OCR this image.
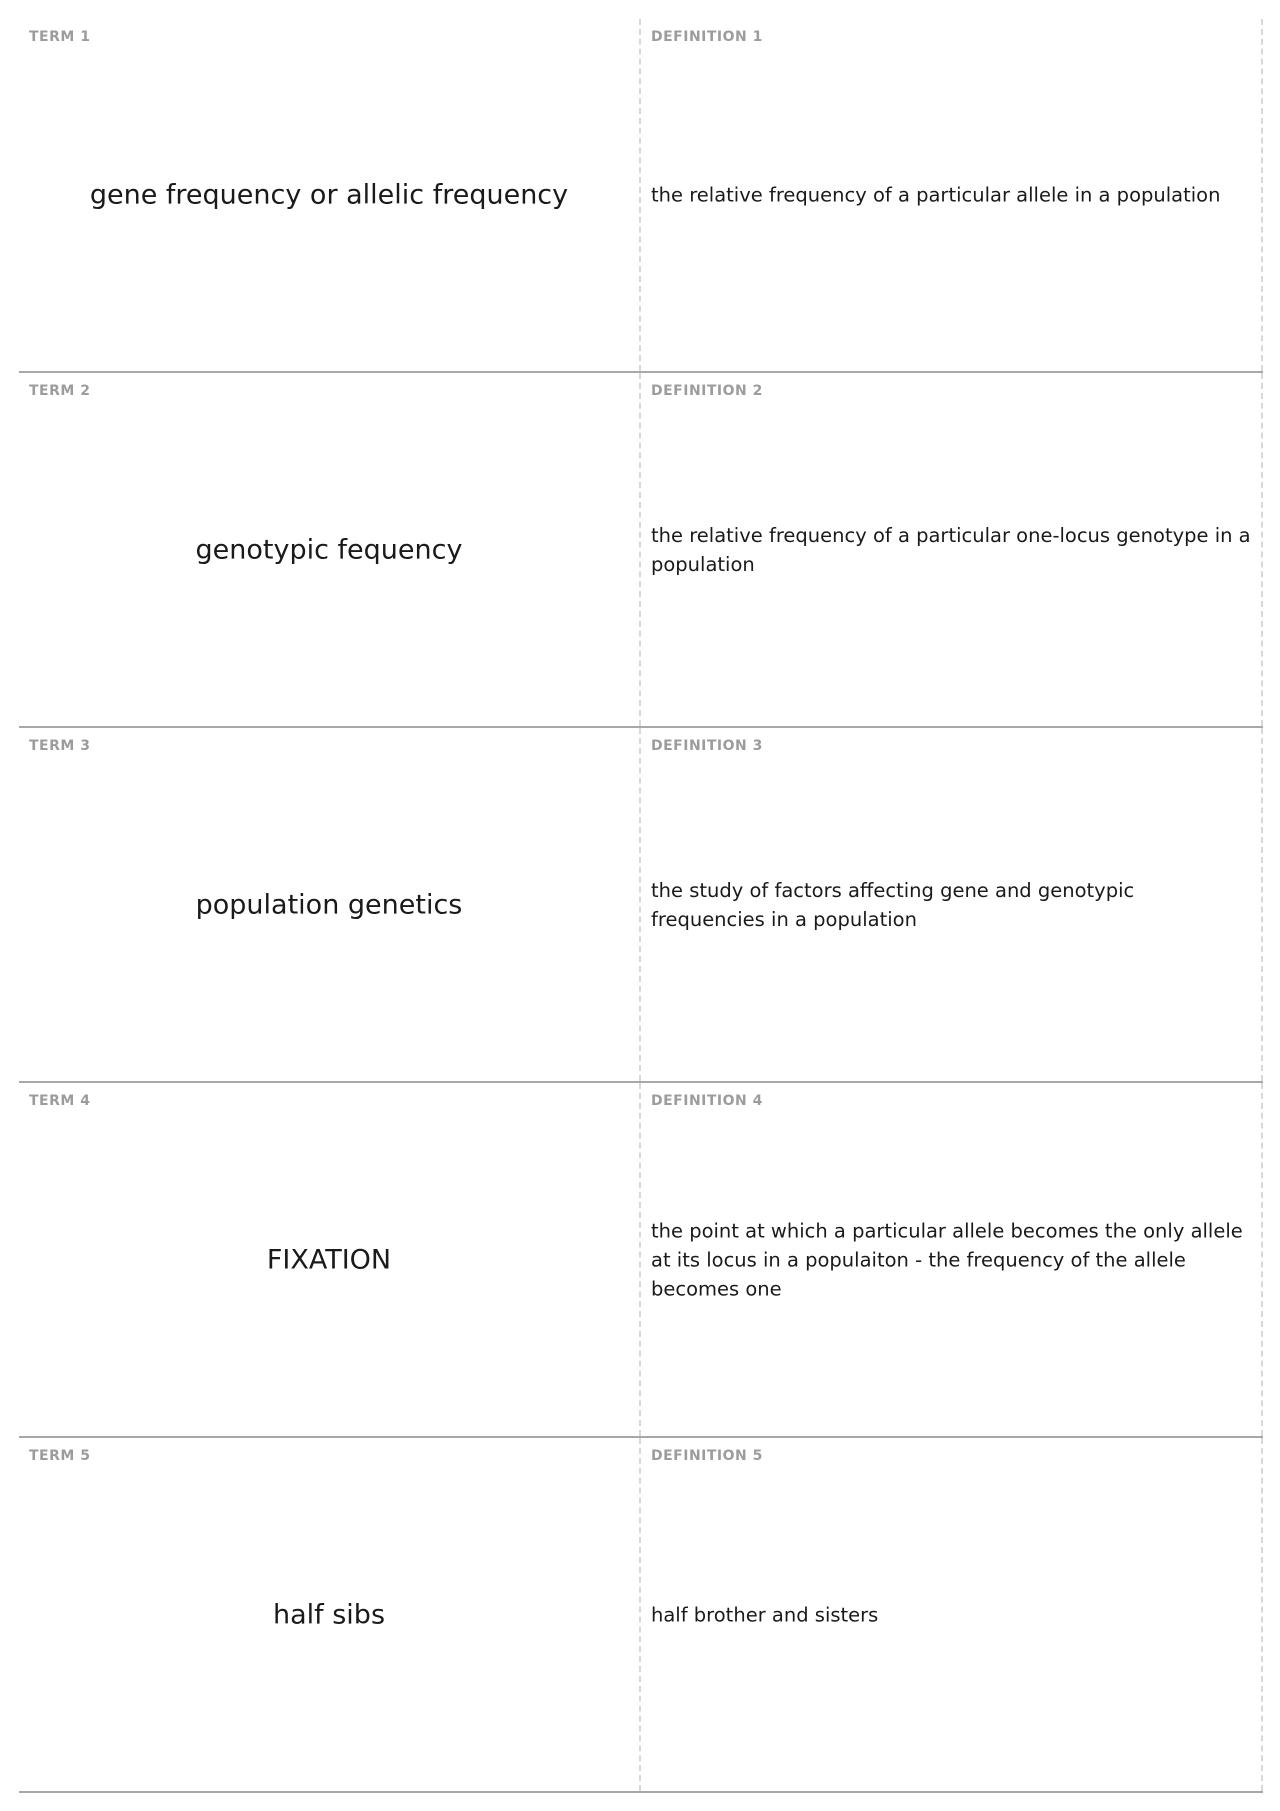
TERM 1
gene frequency or allelic frequency
DEFINITION 1
the relative frequency of a particular allele in a population
TERM 2
genotypic fequency
DEFINITION 2
the relative frequency of a particular one-locus genotype in a population
TERM 3
population genetics
DEFINITION 3
the study of factors affecting gene and genotypic frequencies in a population
TERM 4
FIXATION
DEFINITION 4
the point at which a particular allele becomes the only allele at its locus in a populaiton - the frequency of the allele becomes one
TERM 5
half sibs
DEFINITION 5
half brother and sisters
